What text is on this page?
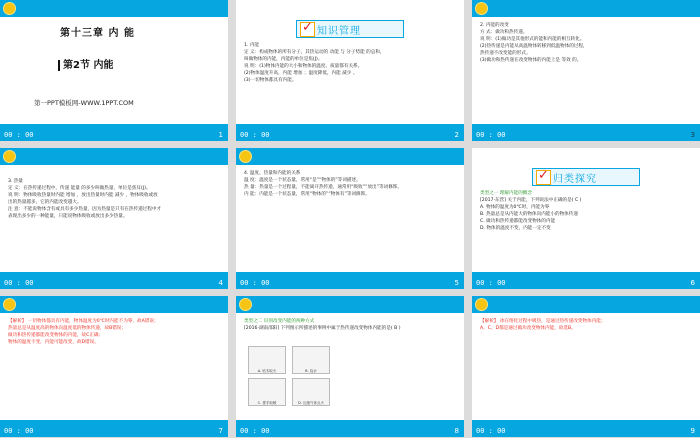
第十三章 内 能
第2节 内能
第一PPT模板网-WWW.1PPT.COM
00 : 00	1
✓
知识管理
1. 内能
定 义：构成物体的所有分子，其热运动的 动能 与 分子势能 的总和，
叫做物体的内能，内能的单位是焦(J)。
说 明：(1)物体内能的大小和物体的温度、质量都有关系。
(2)物体温度升高，内能 增加 ；温度降低，内能 减少 。
(3)一切物体都具有内能。
00 : 00	2
2. 内能的改变
方 式：做功和热传递。
说 明：(1)做功是其他形式的能和内能的相互转化。
(2)热传递是内能从高温物体转移到低温物体的过程，
热传递不改变能的形式。
(3)做功和热传递在改变物体的内能上是 等效 的。
00 : 00	3
3. 热量
定 义：在热传递过程中，传递 能量 的多少叫做热量，单位是焦耳(J)。
说 明：物体吸收热量时内能 增加 ，放出热量时内能 减少 ，物体吸收或放
出的热量越多，它的内能改变越大。
注 意：不能说物体含有或具有多少热量，因为热量是只有在热传递过程中才
表现出多少的一种能量，只能说物体吸收或放出多少热量。
00 : 00	4
4. 温度、热量和内能的关系
温 度：温度是一个状态量，常用“是”“物体的”等词描述。
热 量：热量是一个过程量，不能离开热传递，通常用“吸收”“放出”等词修饰。
内 能：内能是一个状态量，常用“物体的”“物体有”等词修饰。
00 : 00	5
✓
归类探究
类型之一 理解内能的概念
[2017·东营] 关于内能，下列说法中正确的是( C )
A. 物体的温度为0℃时，内能为零
B. 热量总是从内能大的物体向内能小的物体传递
C. 做功和热传递都能改变物体的内能
D. 物体的温度不变，内能一定不变
00 : 00	6
【解析】 一切物体都具有内能，物体温度为0℃时内能不为零，故A错误；
热量总是从温度高的物体向温度低的物体传递，故B错误；
做功和热传递都能改变物体的内能，故C正确；
物体的温度不变，内能可能改变，故D错误。
00 : 00	7
类型之二 识别改变内能的两种方式
[2016·湖南邵阳] 下列图示所描述的事例中属于热传递改变物体内能的是( B )
A. 钻木取火	B. 烧水
C. 搓手取暖	D. 压缩气体点火
00 : 00	8
【解析】 冰在熔化过程中吸热，是通过热传递改变物体内能；
A、C、D都是通过做功改变物体内能，故选B。
00 : 00	9
